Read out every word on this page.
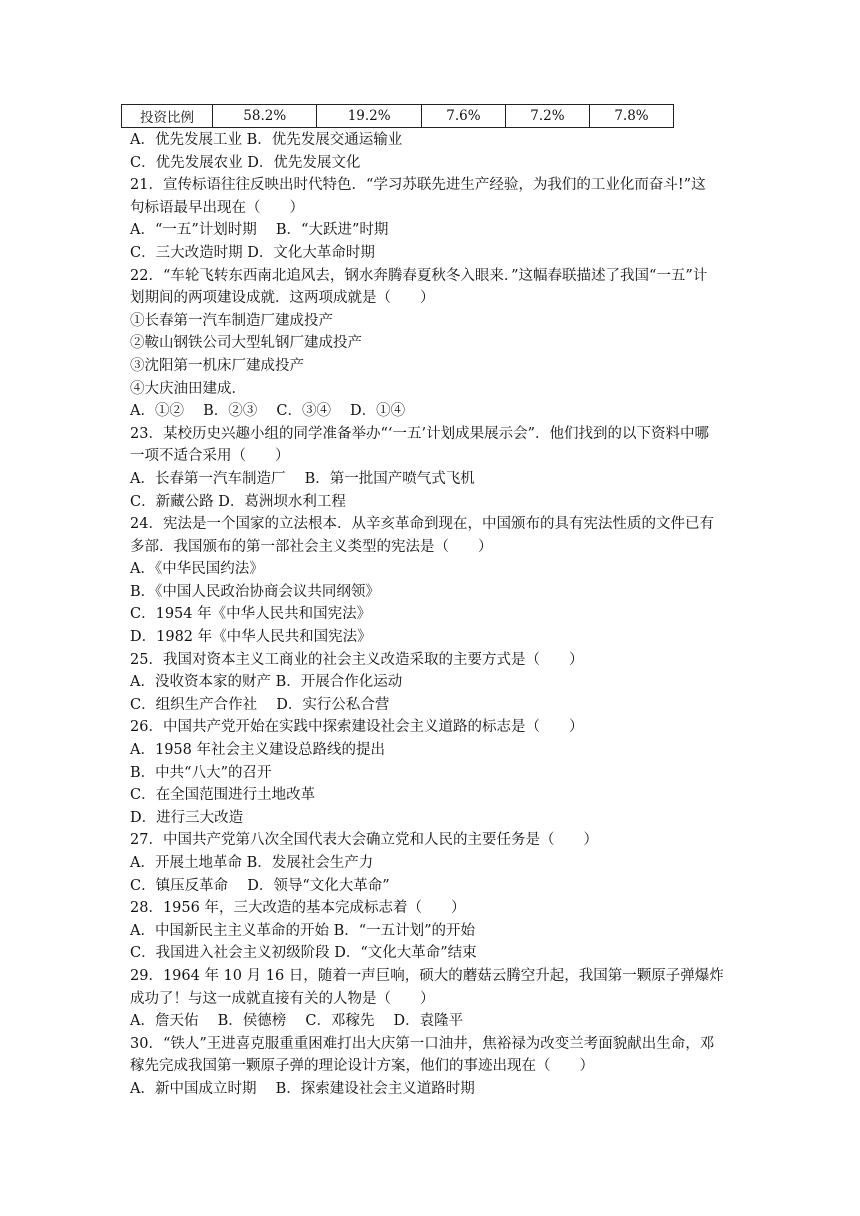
投资比例	58.2%	19.2%	7.6%	7.2%	7.8%
A．优先发展工业 B．优先发展交通运输业
C．优先发展农业 D．优先发展文化
21．宣传标语往往反映出时代特色．“学习苏联先进生产经验，为我们的工业化而奋斗!”这
句标语最早出现在（　　）
A．“一五”计划时期　 B．“大跃进”时期
C．三大改造时期 D．文化大革命时期
22．“车轮飞转东西南北追风去，钢水奔腾春夏秋冬入眼来．”这幅春联描述了我国“一五”计
划期间的两项建设成就．这两项成就是（　　）
①长春第一汽车制造厂建成投产
②鞍山钢铁公司大型轧钢厂建成投产
③沈阳第一机床厂建成投产
④大庆油田建成．
A．①②　 B．②③　 C．③④　 D．①④
23．某校历史兴趣小组的同学准备举办“‘一五’计划成果展示会”．他们找到的以下资料中哪
一项不适合采用（　　）
A．长春第一汽车制造厂　 B．第一批国产喷气式飞机
C．新藏公路 D．葛洲坝水利工程
24．宪法是一个国家的立法根本．从辛亥革命到现在，中国颁布的具有宪法性质的文件已有
多部．我国颁布的第一部社会主义类型的宪法是（　　）
A．《中华民国约法》
B．《中国人民政治协商会议共同纲领》
C．1954 年《中华人民共和国宪法》
D．1982 年《中华人民共和国宪法》
25．我国对资本主义工商业的社会主义改造采取的主要方式是（　　）
A．没收资本家的财产 B．开展合作化运动
C．组织生产合作社　 D．实行公私合营
26．中国共产党开始在实践中探索建设社会主义道路的标志是（　　）
A．1958 年社会主义建设总路线的提出
B．中共“八大”的召开
C．在全国范围进行土地改革
D．进行三大改造
27．中国共产党第八次全国代表大会确立党和人民的主要任务是（　　）
A．开展土地革命 B．发展社会生产力
C．镇压反革命　 D．领导“文化大革命”
28．1956 年，三大改造的基本完成标志着（　　）
A．中国新民主主义革命的开始 B．“一五计划”的开始
C．我国进入社会主义初级阶段 D．“文化大革命”结束
29．1964 年 10 月 16 日，随着一声巨响，硕大的蘑菇云腾空升起，我国第一颗原子弹爆炸
成功了！与这一成就直接有关的人物是（　　）
A．詹天佑　 B．侯德榜　 C．邓稼先　 D．袁隆平
30．“铁人”王进喜克服重重困难打出大庆第一口油井，焦裕禄为改变兰考面貌献出生命，邓
稼先完成我国第一颗原子弹的理论设计方案，他们的事迹出现在（　　）
A．新中国成立时期　 B．探索建设社会主义道路时期
